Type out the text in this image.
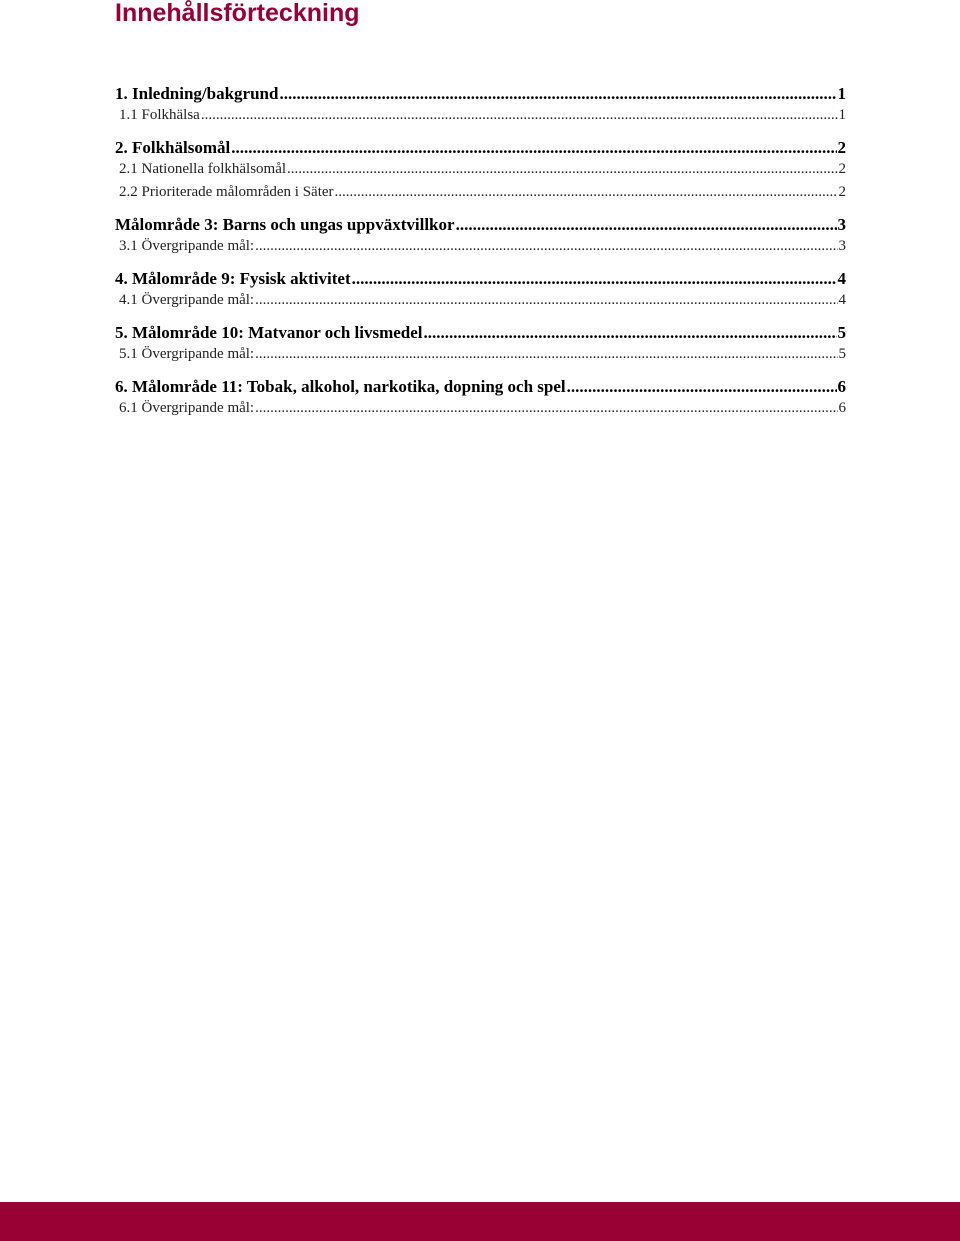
Innehållsförteckning
1. Inledning/bakgrund .....	1
1.1 Folkhälsa .....	1
2. Folkhälsomål .....	2
2.1 Nationella folkhälsomål .....	2
2.2 Prioriterade målområden i Säter .....	2
Målområde 3: Barns och ungas uppväxtvillkor .....	3
3.1 Övergripande mål: .....	3
4. Målområde 9: Fysisk aktivitet .....	4
4.1 Övergripande mål: .....	4
5. Målområde 10: Matvanor och livsmedel .....	5
5.1 Övergripande mål: .....	5
6. Målområde 11: Tobak, alkohol, narkotika, dopning och spel .....	6
6.1 Övergripande mål: .....	6
